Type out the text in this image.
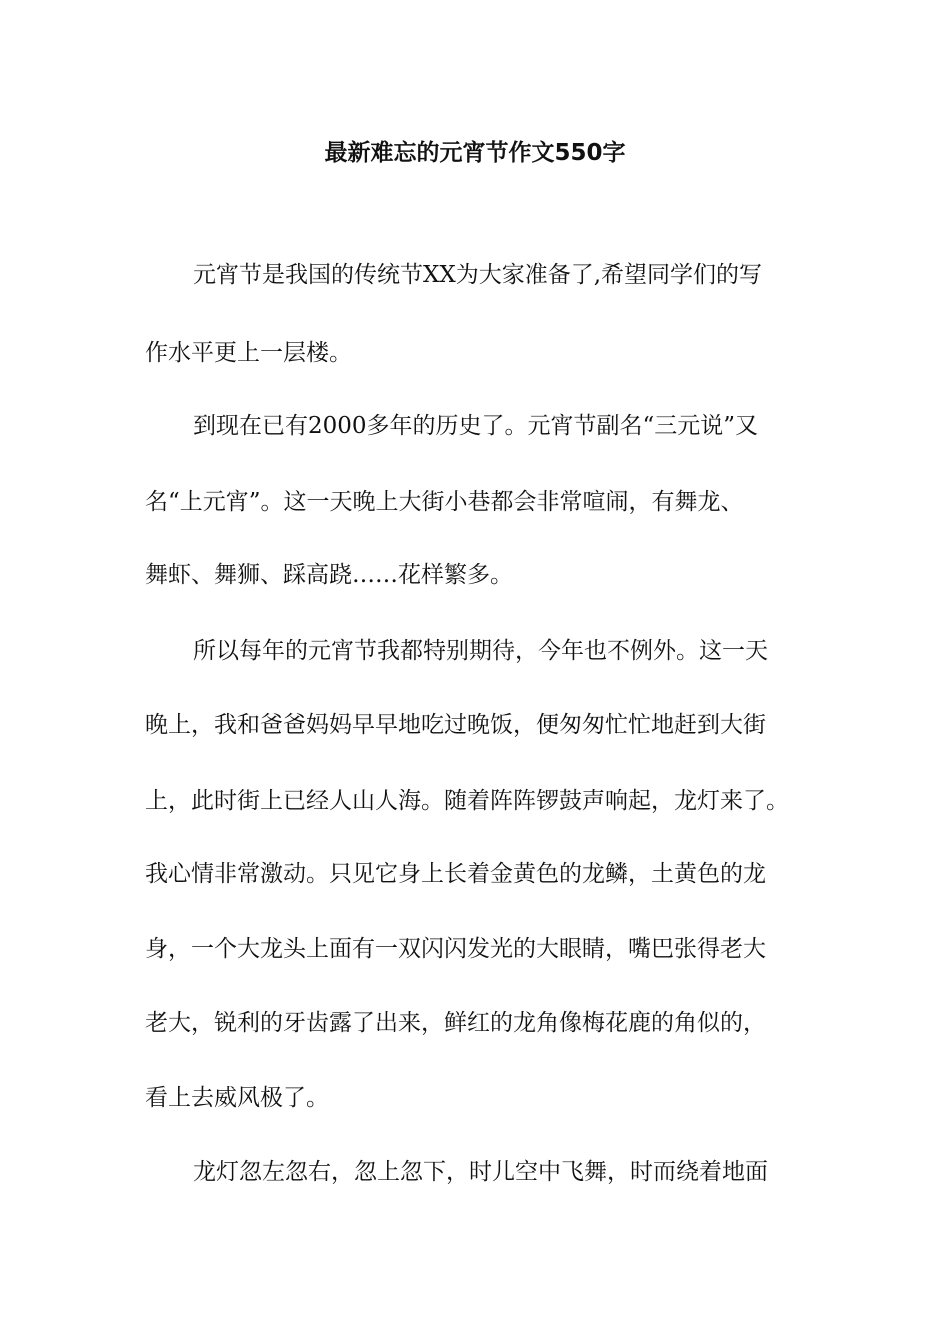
最新难忘的元宵节作文550字
元宵节是我国的传统节XX为大家准备了,希望同学们的写
作水平更上一层楼。
到现在已有2000多年的历史了。元宵节副名“三元说”又
名“上元宵”。这一天晚上大街小巷都会非常喧闹，有舞龙、
舞虾、舞狮、踩高跷……花样繁多。
所以每年的元宵节我都特别期待，今年也不例外。这一天
晚上，我和爸爸妈妈早早地吃过晚饭，便匆匆忙忙地赶到大街
上，此时街上已经人山人海。随着阵阵锣鼓声响起，龙灯来了。
我心情非常激动。只见它身上长着金黄色的龙鳞，土黄色的龙
身，一个大龙头上面有一双闪闪发光的大眼睛，嘴巴张得老大
老大，锐利的牙齿露了出来，鲜红的龙角像梅花鹿的角似的，
看上去威风极了。
龙灯忽左忽右，忽上忽下，时儿空中飞舞，时而绕着地面
